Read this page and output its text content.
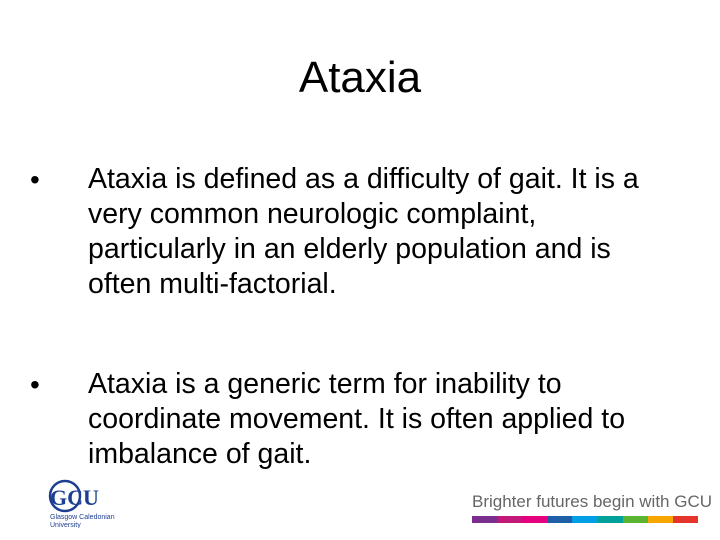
Ataxia
• Ataxia is defined as a difficulty of gait. It is a very common neurologic complaint, particularly in an elderly population and is often multi-factorial.
• Ataxia is a generic term for inability to coordinate movement. It is often applied to imbalance of gait.
GCU
Glasgow Caledonian
University
Brighter futures begin with GCU
